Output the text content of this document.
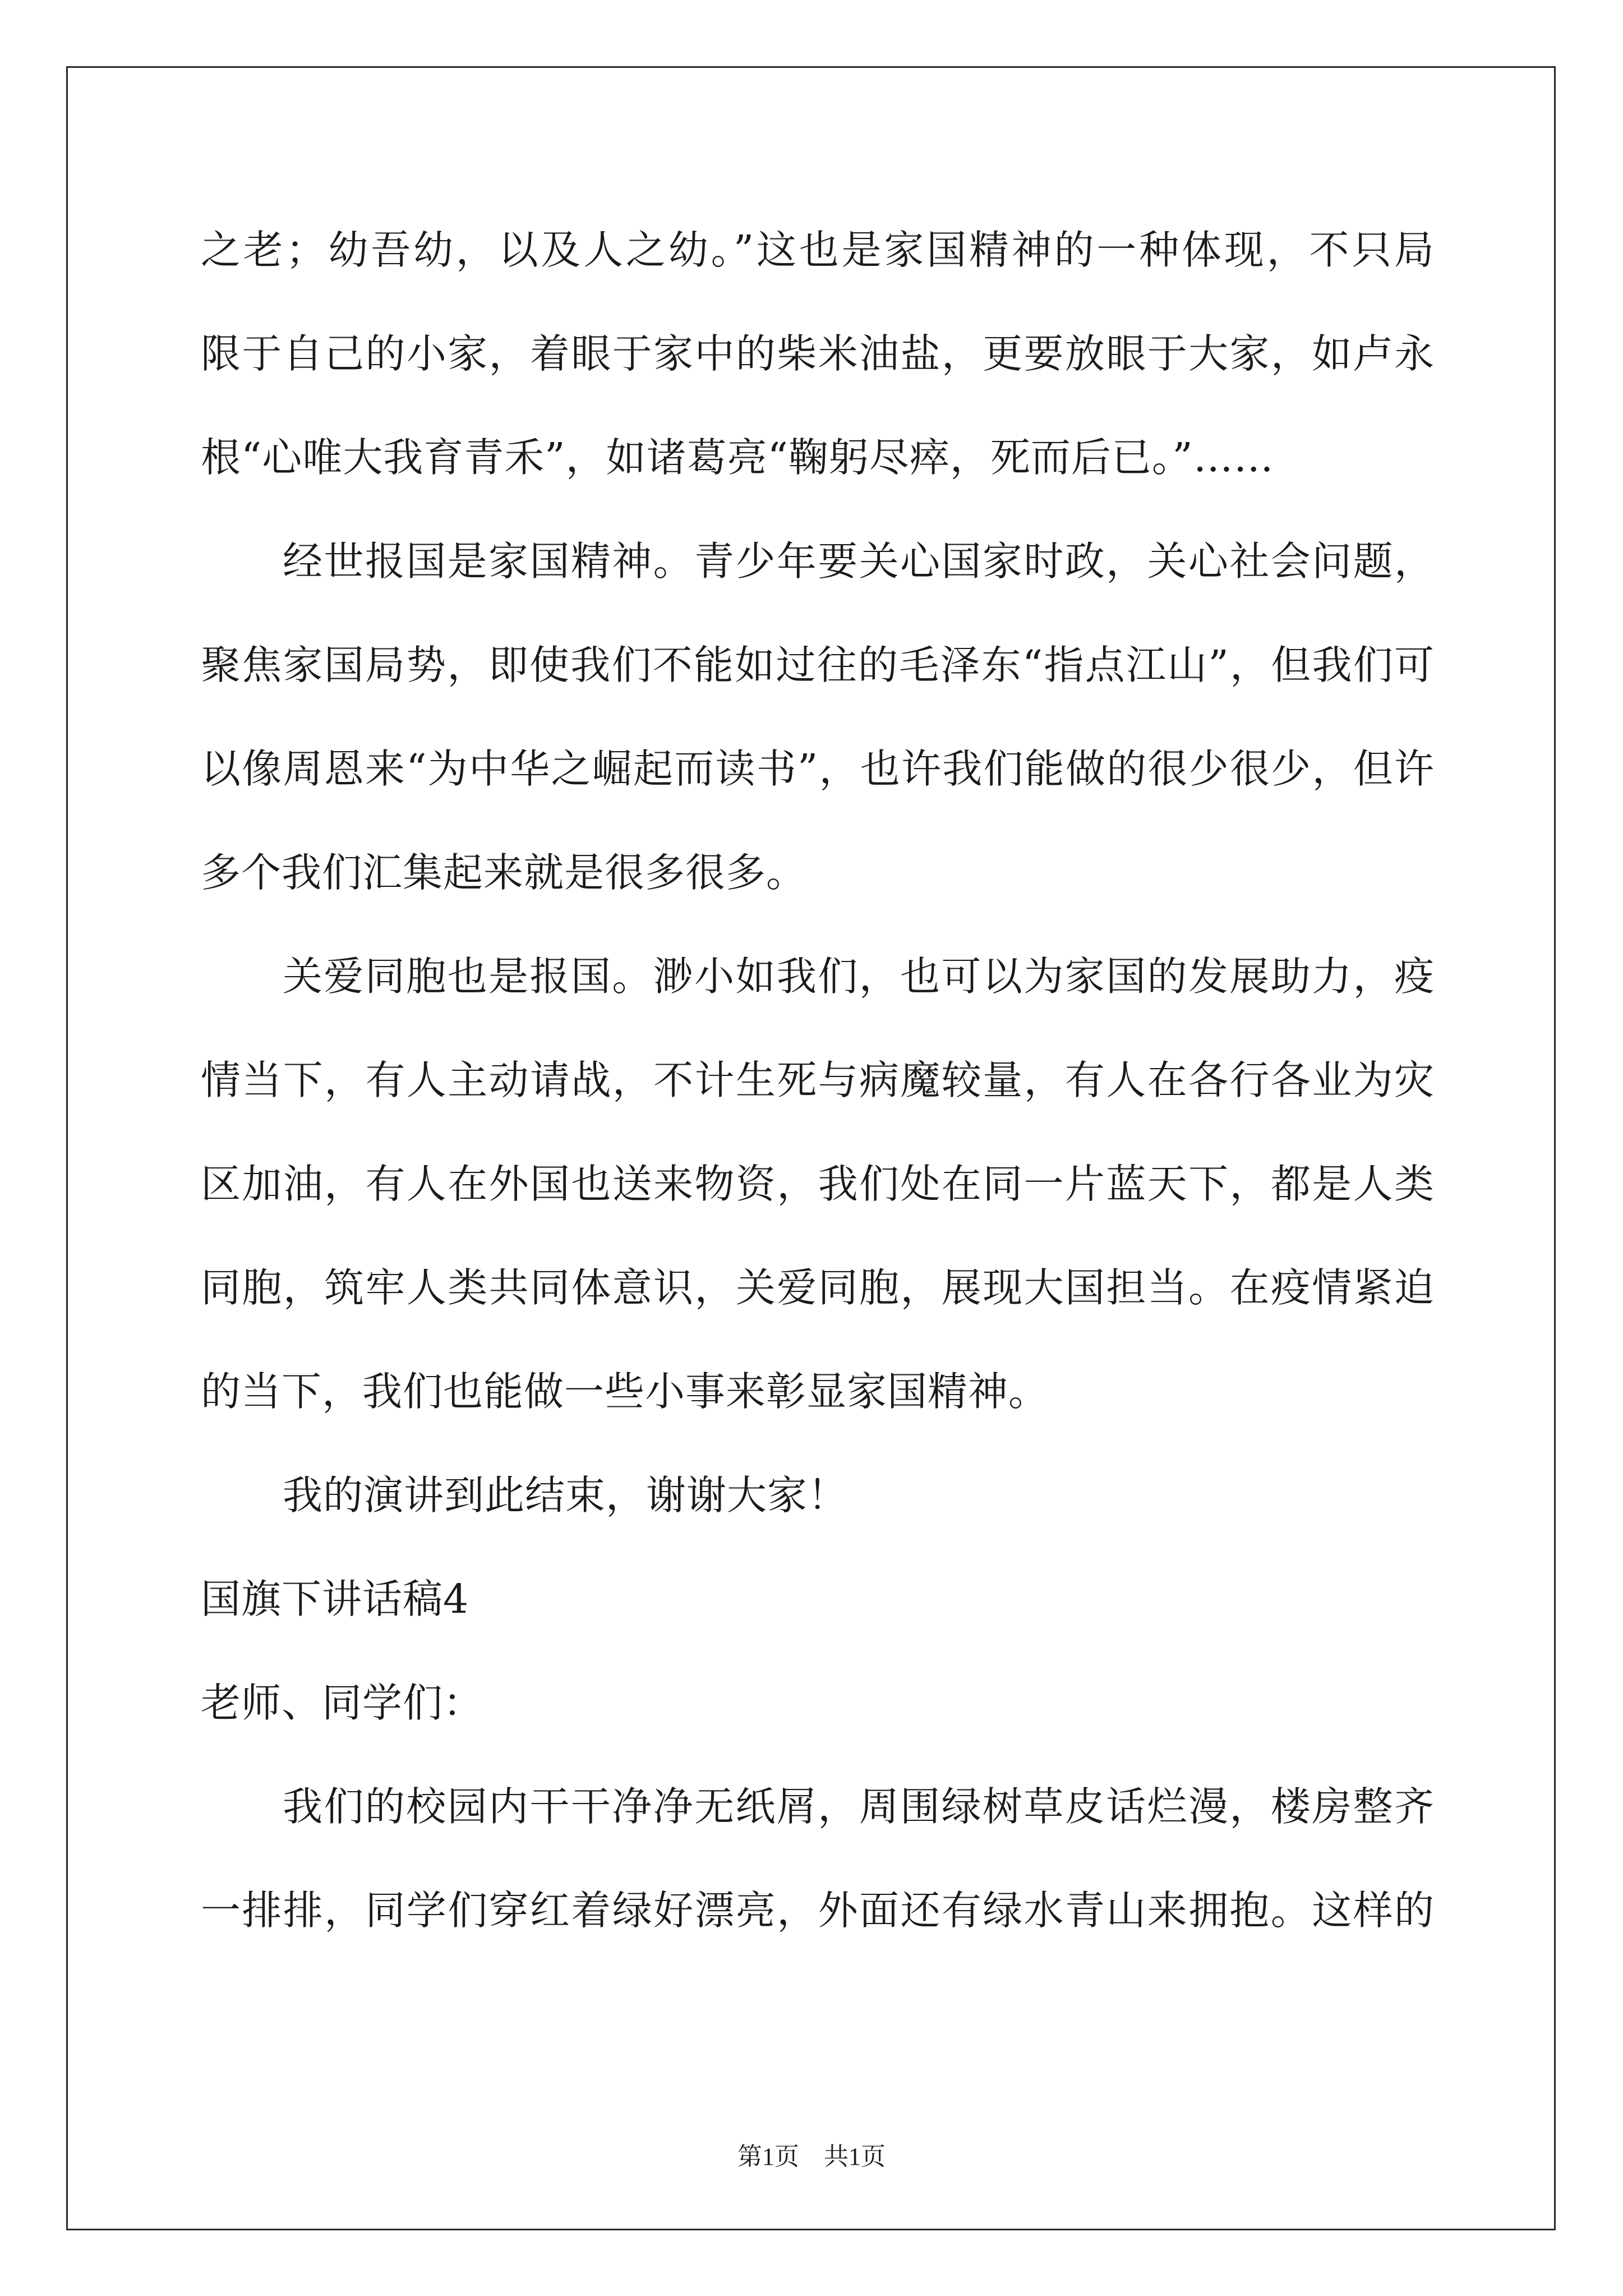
之老；幼吾幼，以及人之幼。”这也是家国精神的一种体现，不只局
限于自己的小家，着眼于家中的柴米油盐，更要放眼于大家，如卢永
根“心唯大我育青禾”，如诸葛亮“鞠躬尽瘁，死而后已。”……
经世报国是家国精神。青少年要关心国家时政，关心社会问题，
聚焦家国局势，即使我们不能如过往的毛泽东“指点江山”，但我们可
以像周恩来“为中华之崛起而读书”，也许我们能做的很少很少，但许
多个我们汇集起来就是很多很多。
关爱同胞也是报国。渺小如我们，也可以为家国的发展助力，疫
情当下，有人主动请战，不计生死与病魔较量，有人在各行各业为灾
区加油，有人在外国也送来物资，我们处在同一片蓝天下，都是人类
同胞，筑牢人类共同体意识，关爱同胞，展现大国担当。在疫情紧迫
的当下，我们也能做一些小事来彰显家国精神。
我的演讲到此结束，谢谢大家！
国旗下讲话稿4
老师、同学们：
我们的校园内干干净净无纸屑，周围绿树草皮话烂漫，楼房整齐
一排排，同学们穿红着绿好漂亮，外面还有绿水青山来拥抱。这样的
第1页　共1页
